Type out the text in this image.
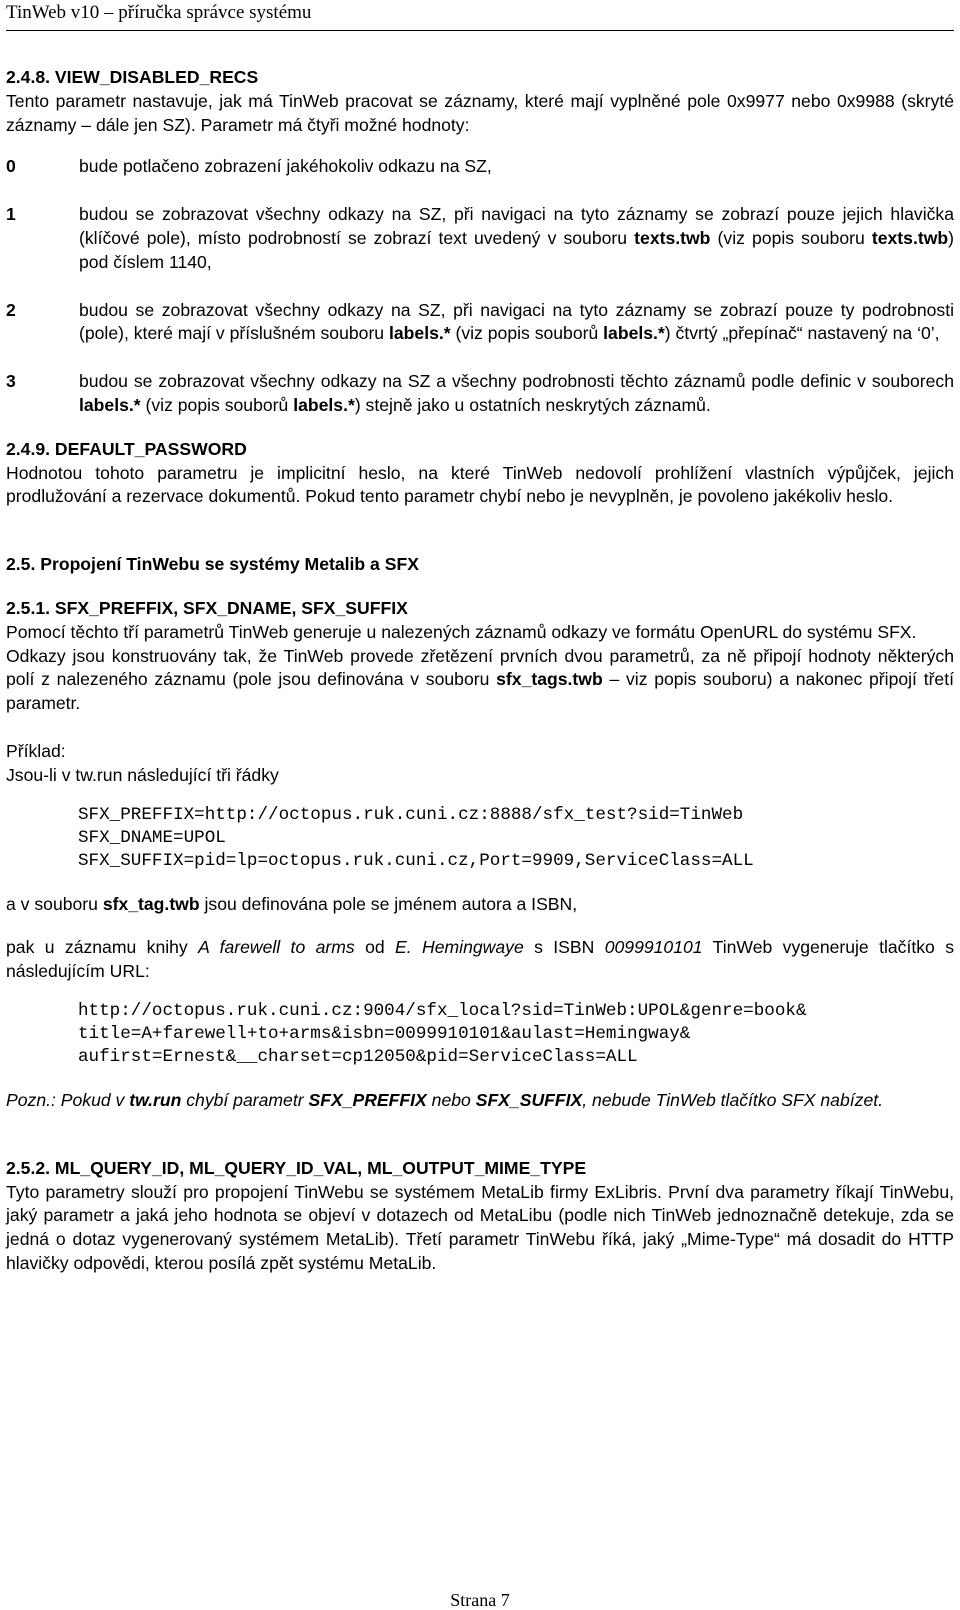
TinWeb v10 – příručka správce systému

2.4.8. VIEW_DISABLED_RECS

Tento parametr nastavuje, jak má TinWeb pracovat se záznamy, které mají vyplněné pole 0x9977 nebo 0x9988 (skryté záznamy – dále jen SZ). Parametr má čtyři možné hodnoty:

0	bude potlačeno zobrazení jakéhokoliv odkazu na SZ,
1	budou se zobrazovat všechny odkazy na SZ, při navigaci na tyto záznamy se zobrazí pouze jejich hlavička (klíčové pole), místo podrobností se zobrazí text uvedený v souboru texts.twb (viz popis souboru texts.twb) pod číslem 1140,
2	budou se zobrazovat všechny odkazy na SZ, při navigaci na tyto záznamy se zobrazí pouze ty podrobnosti (pole), které mají v příslušném souboru labels.* (viz popis souborů labels.*) čtvrtý „přepínač“ nastavený na ‘0’,
3	budou se zobrazovat všechny odkazy na SZ a všechny podrobnosti těchto záznamů podle definic v souborech labels.* (viz popis souborů labels.*) stejně jako u ostatních neskrytých záznamů.

2.4.9. DEFAULT_PASSWORD

Hodnotou tohoto parametru je implicitní heslo, na které TinWeb nedovolí prohlížení vlastních výpůjček, jejich prodlužování a rezervace dokumentů. Pokud tento parametr chybí nebo je nevyplněn, je povoleno jakékoliv heslo.

2.5. Propojení TinWebu se systémy Metalib a SFX

2.5.1. SFX_PREFFIX, SFX_DNAME, SFX_SUFFIX

Pomocí těchto tří parametrů TinWeb generuje u nalezených záznamů odkazy ve formátu OpenURL do systému SFX.

Odkazy jsou konstruovány tak, že TinWeb provede zřetězení prvních dvou parametrů, za ně připojí hodnoty některých polí z nalezeného záznamu (pole jsou definována v souboru sfx_tags.twb – viz popis souboru) a nakonec připojí třetí parametr.

Příklad:

Jsou-li v tw.run následující tři řádky

SFX_PREFFIX=http://octopus.ruk.cuni.cz:8888/sfx_test?sid=TinWeb
SFX_DNAME=UPOL
SFX_SUFFIX=pid=lp=octopus.ruk.cuni.cz,Port=9909,ServiceClass=ALL

a v souboru sfx_tag.twb jsou definována pole se jménem autora a ISBN,

pak u záznamu knihy A farewell to arms od E. Hemingwaye s ISBN 0099910101 TinWeb vygeneruje tlačítko s následujícím URL:

http://octopus.ruk.cuni.cz:9004/sfx_local?sid=TinWeb:UPOL&genre=book&
title=A+farewell+to+arms&isbn=0099910101&aulast=Hemingway&
aufirst=Ernest&__charset=cp12050&pid=ServiceClass=ALL

Pozn.: Pokud v tw.run chybí parametr SFX_PREFFIX nebo SFX_SUFFIX, nebude TinWeb tlačítko SFX nabízet.

2.5.2. ML_QUERY_ID, ML_QUERY_ID_VAL, ML_OUTPUT_MIME_TYPE

Tyto parametry slouží pro propojení TinWebu se systémem MetaLib firmy ExLibris. První dva parametry říkají TinWebu, jaký parametr a jaká jeho hodnota se objeví v dotazech od MetaLibu (podle nich TinWeb jednoznačně detekuje, zda se jedná o dotaz vygenerovaný systémem MetaLib). Třetí parametr TinWebu říká, jaký „Mime-Type“ má dosadit do HTTP hlavičky odpovědi, kterou posílá zpět systému MetaLib.

Strana 7
